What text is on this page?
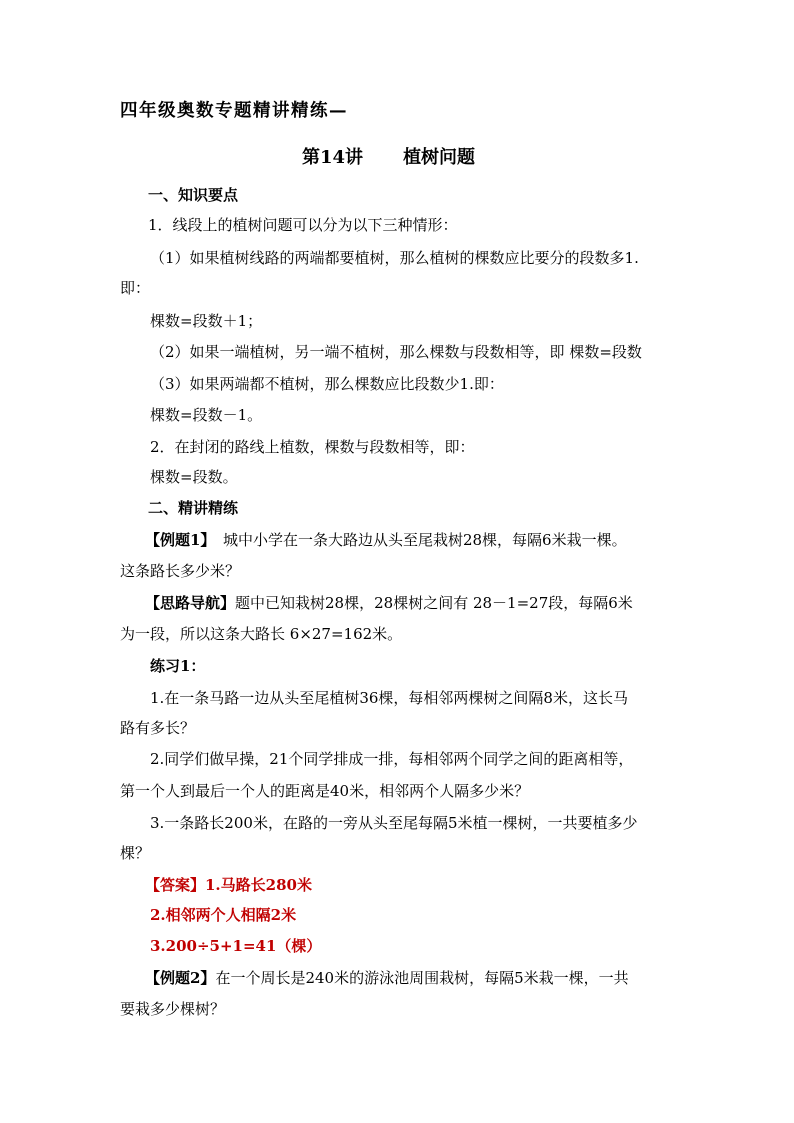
四年级奥数专题精讲精练—
第14讲 植树问题
一、知识要点
1．线段上的植树问题可以分为以下三种情形：
（1）如果植树线路的两端都要植树，那么植树的棵数应比要分的段数多1.
即：
棵数=段数＋1；
（2）如果一端植树，另一端不植树，那么棵数与段数相等，即 棵数=段数
（3）如果两端都不植树，那么棵数应比段数少1.即：
棵数=段数－1。
2．在封闭的路线上植数，棵数与段数相等，即：
棵数=段数。
二、精讲精练
【例题1】　城中小学在一条大路边从头至尾栽树28棵，每隔6米栽一棵。
这条路长多少米？
【思路导航】题中已知栽树28棵，28棵树之间有 28－1=27段，每隔6米
为一段，所以这条大路长 6×27=162米。
练习1：
1.在一条马路一边从头至尾植树36棵，每相邻两棵树之间隔8米，这长马
路有多长？
2.同学们做早操，21个同学排成一排，每相邻两个同学之间的距离相等，
第一个人到最后一个人的距离是40米，相邻两个人隔多少米？
3.一条路长200米，在路的一旁从头至尾每隔5米植一棵树，一共要植多少
棵？
【答案】1.马路长280米
2.相邻两个人相隔2米
3.200÷5+1=41（棵）
【例题2】在一个周长是240米的游泳池周围栽树，每隔5米栽一棵，一共
要栽多少棵树？
